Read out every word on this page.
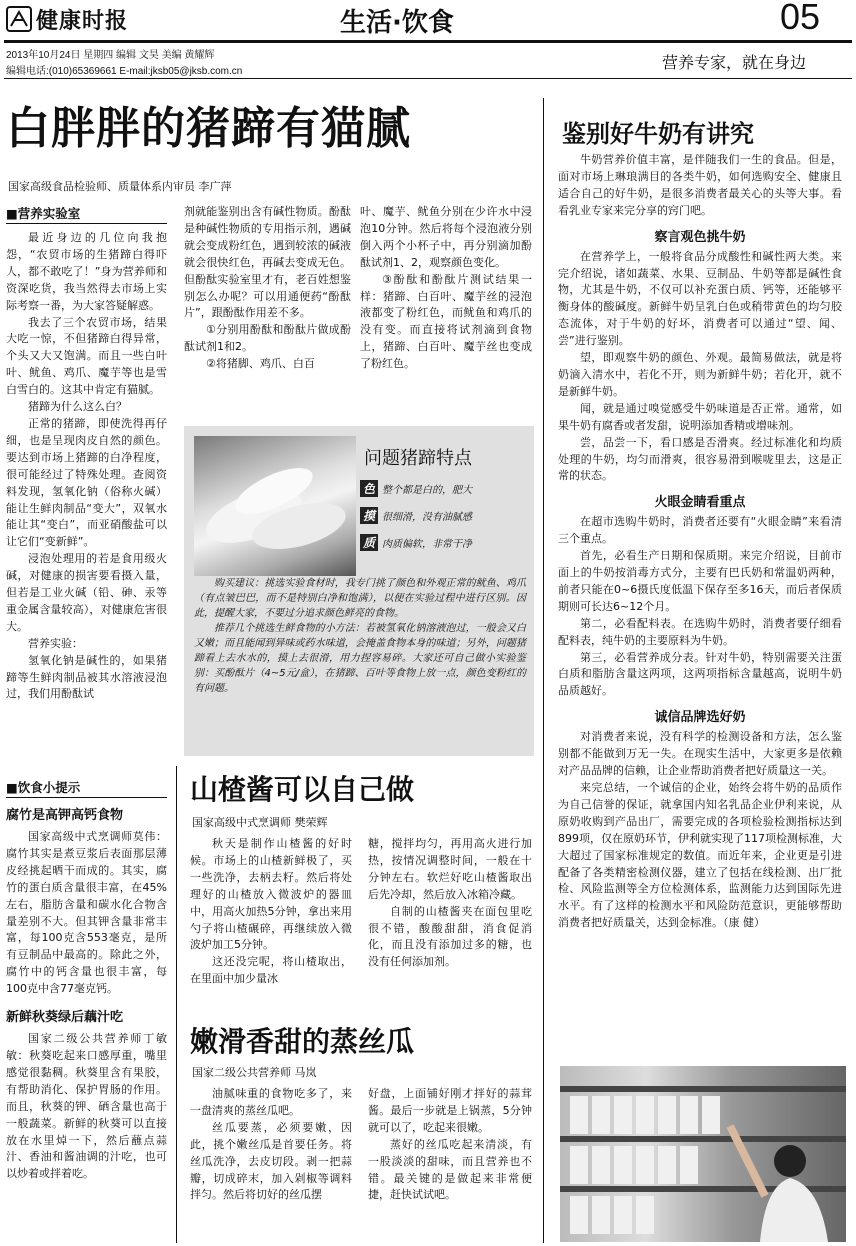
健康时报	生活·饮食	05
2013年10月24日 星期四 编辑 文昊 美编 黄耀辉
编辑电话:(010)65369661 E-mail:jksb05@jksb.com.cn	营养专家，就在身边
白胖胖的猪蹄有猫腻
国家高级食品检验师、质量体系内审员 李广萍
■营养实验室

最近身边的几位向我抱怨，“农贸市场的生猪蹄白得吓人，都不敢吃了！”身为营养师和资深吃货，我当然得去市场上实际考察一番，为大家答疑解惑。

我去了三个农贸市场，结果大吃一惊，不但猪蹄白得异常，个头又大又饱满。而且一些白叶叶、鱿鱼、鸡爪、魔芋等也是雪白雪白的。这其中肯定有猫腻。

猪蹄为什么这么白？

正常的猪蹄，即使洗得再仔细，也是呈现肉皮自然的颜色。要达到市场上猪蹄的白净程度，很可能经过了特殊处理。查阅资料发现，氢氧化钠（俗称火碱）能让生鲜肉制品“变大”，双氧水能让其“变白”，而亚硝酸盐可以让它们“变新鲜”。

浸泡处理用的若是食用级火碱，对健康的损害要看摄入量，但若是工业火碱（铅、砷、汞等重金属含量较高），对健康危害很大。

营养实验：

氢氧化钠是碱性的，如果猪蹄等生鲜肉制品被其水溶液浸泡过，我们用酚酞试

剂就能鉴别出含有碱性物质。酚酞是种碱性物质的专用指示剂，遇碱就会变成粉红色，遇到较浓的碱液就会很快红色，再碱去变成无色。但酚酞实验室里才有，老百姓想鉴别怎么办呢？可以用通便药“酚酞片”，跟酚酞作用差不多。

①分别用酚酞和酚酞片做成酚酞试剂1和2。

②将猪脚、鸡爪、白百

叶、魔芋、鱿鱼分别在少许水中浸泡10分钟。然后将每个浸泡液分别倒入两个小杯子中，再分别滴加酚酞试剂1、2，观察颜色变化。

③酚酞和酚酞片测试结果一样：猪蹄、白百叶、魔芋丝的浸泡液都变了粉红色，而鱿鱼和鸡爪的没有变。而直接将试剂滴到食物上，猪蹄、白百叶、魔芋丝也变成了粉红色。

问题猪蹄特点
色 整个都是白的，肥大
摸 很细滑，没有油腻感
质 肉质偏软，非常干净

购买建议：挑选实验食材时，我专门挑了颜色和外观正常的鱿鱼、鸡爪（有点皱巴巴，而不是特别白净和饱满），以便在实验过程中进行区别。因此，提醒大家，不要过分追求颜色鲜亮的食物。

推荐几个挑选生鲜食物的小方法：若被氢氧化钠溶液泡过，一般会又白又嫩；而且能闻到异味或药水味道，会掩盖食物本身的味道；另外，问题猪蹄看上去水水的，摸上去很滑，用力捏容易碎。大家还可自己做小实验鉴别：买酚酞片（4~5元/盒），在猪蹄、百叶等食物上放一点，颜色变粉红的有问题。

■饮食小提示
腐竹是高钾高钙食物

国家高级中式烹调师莫伟：腐竹其实是煮豆浆后表面那层薄皮经挑起晒干而成的。其实，腐竹的蛋白质含量很丰富，在45%左右，脂肪含量和碳水化合物含量差别不大。但其钾含量非常丰富，每100克含553毫克，是所有豆制品中最高的。除此之外，腐竹中的钙含量也很丰富，每100克中含77毫克钙。

新鲜秋葵绿后藕汁吃

国家二级公共营养师丁敏敏：秋葵吃起来口感厚重，嘴里感觉很黏稠。秋葵里含有果胶，有帮助消化、保护胃肠的作用。而且，秋葵的钾、硒含量也高于一般蔬菜。新鲜的秋葵可以直接放在水里焯一下，然后蘸点蒜汁、香油和酱油调的汁吃，也可以炒着或拌着吃。

山楂酱可以自己做
国家高级中式烹调师 樊荣辉

秋天是制作山楂酱的好时候。市场上的山楂新鲜极了，买一些洗净，去柄去籽。然后将处理好的山楂放入微波炉的器皿中，用高火加热5分钟，拿出来用勺子将山楂碾碎，再继续放入微波炉加工5分钟。

这还没完呢，将山楂取出，在里面中加少量冰

糖，搅拌均匀，再用高火进行加热，按情况调整时间，一般在十分钟左右。软烂好吃山楂酱取出后先冷却，然后放入冰箱冷藏。

自制的山楂酱夹在面包里吃很不错，酸酸甜甜，消食促消化，而且没有添加过多的糖，也没有任何添加剂。

嫩滑香甜的蒸丝瓜
国家二级公共营养师 马岚

油腻味重的食物吃多了，来一盘清爽的蒸丝瓜吧。

丝瓜要蒸，必须要嫩，因此，挑个嫩丝瓜是首要任务。将丝瓜洗净，去皮切段。剥一把蒜瓣，切成碎末，加入剁椒等调料拌匀。然后将切好的丝瓜摆

好盘，上面铺好刚才拌好的蒜茸酱。最后一步就是上锅蒸，5分钟就可以了，吃起来很嫩。

蒸好的丝瓜吃起来清淡，有一股淡淡的甜味，而且营养也不错。最关键的是做起来非常便捷，赶快试试吧。

鉴别好牛奶有讲究

牛奶营养价值丰富，是伴随我们一生的食品。但是，面对市场上琳琅满目的各类牛奶，如何选购安全、健康且适合自己的好牛奶，是很多消费者最关心的头等大事。看看乳业专家来完分享的窍门吧。

察言观色挑牛奶

在营养学上，一般将食品分成酸性和碱性两大类。来完介绍说，诸如蔬菜、水果、豆制品、牛奶等都是碱性食物，尤其是牛奶，不仅可以补充蛋白质、钙等，还能够平衡身体的酸碱度。新鲜牛奶呈乳白色或稍带黄色的均匀胶态流体，对于牛奶的好坏，消费者可以通过“望、闻、尝”进行鉴别。

望，即观察牛奶的颜色、外观。最简易做法，就是将奶滴入清水中，若化不开，则为新鲜牛奶；若化开，就不是新鲜牛奶。

闻，就是通过嗅觉感受牛奶味道是否正常。通常，如果牛奶有腐香或者发甜，说明添加香精或增味剂。

尝，品尝一下，看口感是否滑爽。经过标准化和均质处理的牛奶，均匀而滑爽，很容易滑到喉咙里去，这是正常的状态。

火眼金睛看重点

在超市选购牛奶时，消费者还要有“火眼金睛”来看清三个重点。

首先，必看生产日期和保质期。来完介绍说，目前市面上的牛奶按消毒方式分，主要有巴氏奶和常温奶两种，前者只能在0~6摄氏度低温下保存至多16天，而后者保质期则可长达6~12个月。

第二，必看配料表。在选购牛奶时，消费者要仔细看配料表，纯牛奶的主要原料为牛奶。

第三，必看营养成分表。针对牛奶，特别需要关注蛋白质和脂肪含量这两项，这两项指标含量越高，说明牛奶品质越好。

诚信品牌选好奶

对消费者来说，没有科学的检测设备和方法，怎么鉴别都不能做到万无一失。在现实生活中，大家更多是依赖对产品品牌的信赖，让企业帮助消费者把好质量这一关。

来完总结，一个诚信的企业，始终会将牛奶的品质作为自己信誉的保证，就拿国内知名乳品企业伊利来说，从原奶收购到产品出厂，需要完成的各项检验检测指标达到899项，仅在原奶环节，伊利就实现了117项检测标准，大大超过了国家标准规定的数值。而近年来，企业更是引进配备了各类精密检测仪器，建立了包括在线检测、出厂批检、风险监测等全方位检测体系，监测能力达到国际先进水平。有了这样的检测水平和风险防范意识，更能够帮助消费者把好质量关，达到金标准。（康 健）
